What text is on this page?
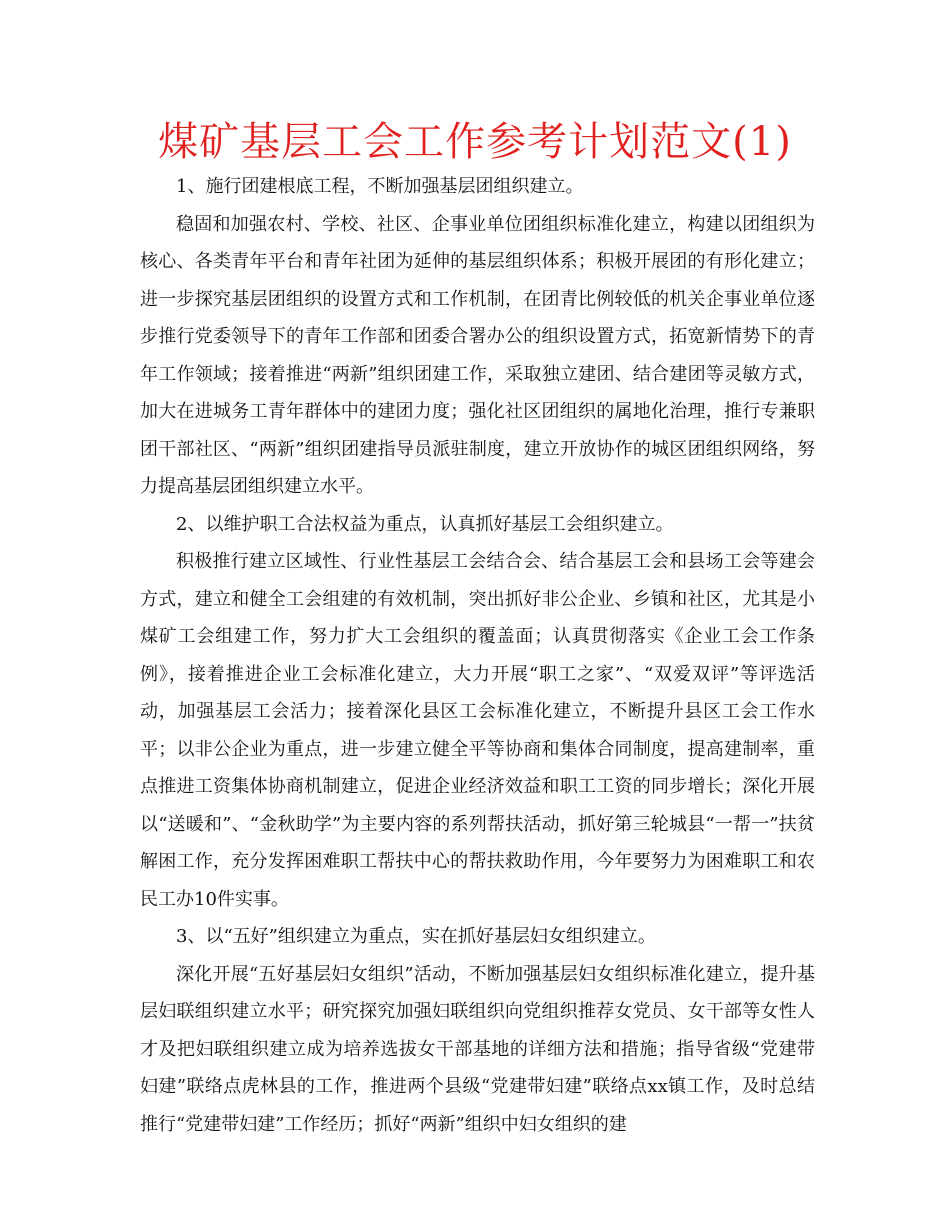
煤矿基层工会工作参考计划范文(1)

1、施行团建根底工程，不断加强基层团组织建立。

稳固和加强农村、学校、社区、企事业单位团组织标准化建立，构建以团组织为核心、各类青年平台和青年社团为延伸的基层组织体系；积极开展团的有形化建立；进一步探究基层团组织的设置方式和工作机制，在团青比例较低的机关企事业单位逐步推行党委领导下的青年工作部和团委合署办公的组织设置方式，拓宽新情势下的青年工作领域；接着推进“两新”组织团建工作，采取独立建团、结合建团等灵敏方式，加大在进城务工青年群体中的建团力度；强化社区团组织的属地化治理，推行专兼职团干部社区、“两新”组织团建指导员派驻制度，建立开放协作的城区团组织网络，努力提高基层团组织建立水平。

2、以维护职工合法权益为重点，认真抓好基层工会组织建立。

积极推行建立区域性、行业性基层工会结合会、结合基层工会和县场工会等建会方式，建立和健全工会组建的有效机制，突出抓好非公企业、乡镇和社区，尤其是小煤矿工会组建工作，努力扩大工会组织的覆盖面；认真贯彻落实《企业工会工作条例》，接着推进企业工会标准化建立，大力开展“职工之家”、“双爱双评”等评选活动，加强基层工会活力；接着深化县区工会标准化建立，不断提升县区工会工作水平；以非公企业为重点，进一步建立健全平等协商和集体合同制度，提高建制率，重点推进工资集体协商机制建立，促进企业经济效益和职工工资的同步增长；深化开展以“送暖和”、“金秋助学”为主要内容的系列帮扶活动，抓好第三轮城县“一帮一”扶贫解困工作，充分发挥困难职工帮扶中心的帮扶救助作用，今年要努力为困难职工和农民工办10件实事。

3、以“五好”组织建立为重点，实在抓好基层妇女组织建立。

深化开展“五好基层妇女组织”活动，不断加强基层妇女组织标准化建立，提升基层妇联组织建立水平；研究探究加强妇联组织向党组织推荐女党员、女干部等女性人才及把妇联组织建立成为培养选拔女干部基地的详细方法和措施；指导省级“党建带妇建”联络点虎林县的工作，推进两个县级“党建带妇建”联络点xx镇工作，及时总结推行“党建带妇建”工作经历；抓好“两新”组织中妇女组织的建
